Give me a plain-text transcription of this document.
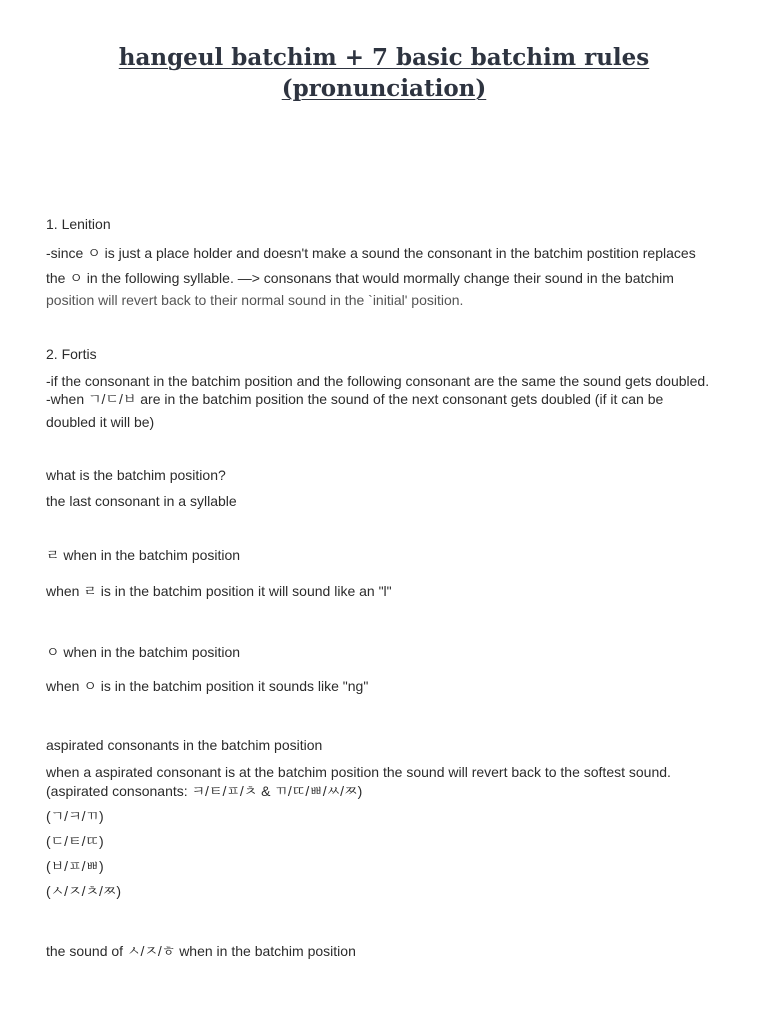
hangeul batchim + 7 basic batchim rules
(pronunciation)
1. Lenition
-since ㅇ is just a place holder and doesn't make a sound the consonant in the batchim postition replaces
the ㅇ in the following syllable. —> consonans that would mormally change their sound in the batchim
position will revert back to their normal sound in the `initial' position.
2. Fortis
-if the consonant in the batchim position and the following consonant are the same the sound gets doubled.
-when ㄱ/ㄷ/ㅂ are in the batchim position the sound of the next consonant gets doubled (if it can be
doubled it will be)
what is the batchim position?
the last consonant in a syllable
ㄹ when in the batchim position
when ㄹ is in the batchim position it will sound like an "l"
ㅇ when in the batchim position
when ㅇ is in the batchim position it sounds like "ng"
aspirated consonants in the batchim position
when a aspirated consonant is at the batchim position the sound will revert back to the softest sound.
(aspirated consonants: ㅋ/ㅌ/ㅍ/ㅊ & ㄲ/ㄸ/ㅃ/ㅆ/ㅉ)
(ㄱ/ㅋ/ㄲ)
(ㄷ/ㅌ/ㄸ)
(ㅂ/ㅍ/ㅃ)
(ㅅ/ㅈ/ㅊ/ㅉ)
the sound of ㅅ/ㅈ/ㅎ when in the batchim position
